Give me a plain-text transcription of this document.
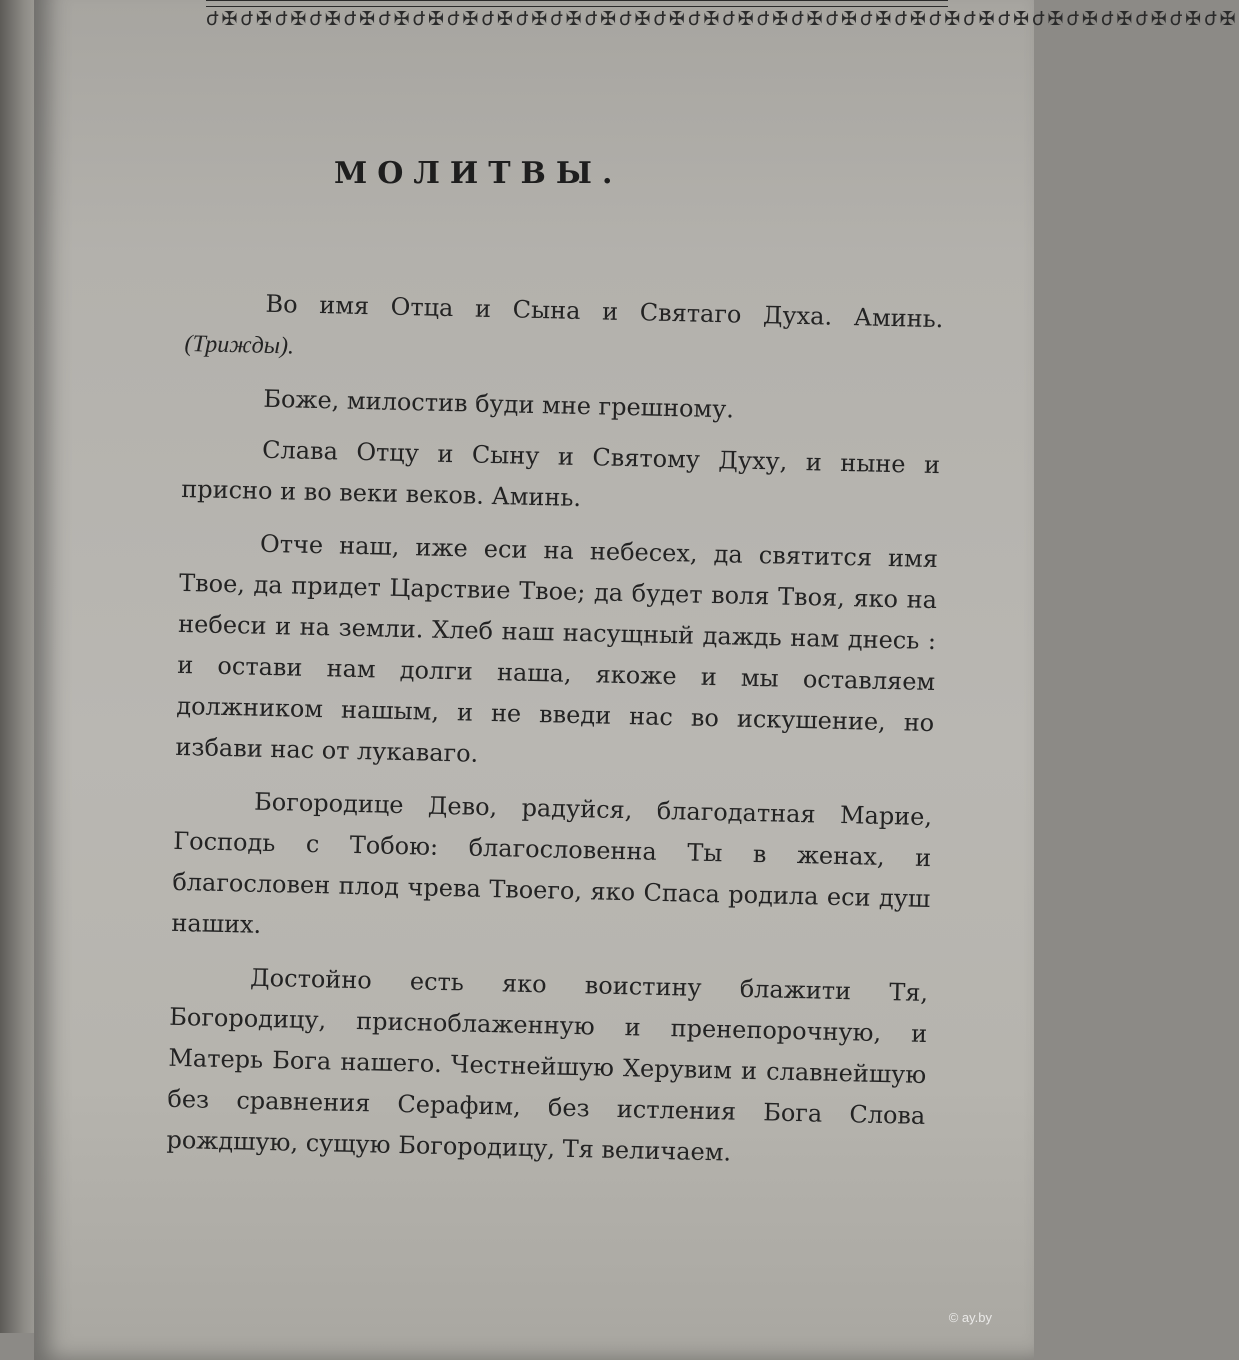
ժ✠ժ✠ժ✠ժ✠ժ✠ժ✠ժ✠ժ✠ժ✠ժ✠ժ✠ժ✠ժ✠ժ✠ժ✠ժ✠ժ✠ժ✠ժ✠ժ✠ժ✠ժ✠ժ✠ժ✠ժ✠ժ✠ժ✠ժ✠ժ✠ժ✠
МОЛИТВЫ.

Во имя Отца и Сына и Святаго Духа. Аминь. (Трижды).

Боже, милостив буди мне грешному.

Слава Отцу и Сыну и Святому Духу, и ныне и присно и во веки веков. Аминь.

Отче наш, иже еси на небесех, да святится имя Твое, да придет Царствие Твое; да будет воля Твоя, яко на небеси и на земли. Хлеб наш насущный даждь нам днесь : и остави нам долги наша, якоже и мы оставляем должником нашым, и не введи нас во искушение, но избави нас от лукаваго.

Богородице Дево, радуйся, благодатная Марие, Господь с Тобою: благословенна Ты в женах, и благословен плод чрева Твоего, яко Спаса родила еси душ наших.

Достойно есть яко воистину блажити Тя, Богородицу, присноблаженную и пренепорочную, и Матерь Бога нашего. Честнейшую Херувим и славнейшую без сравнения Серафим, без истления Бога Слова рождшую, сущую Богородицу, Тя величаем.

© ay.by
